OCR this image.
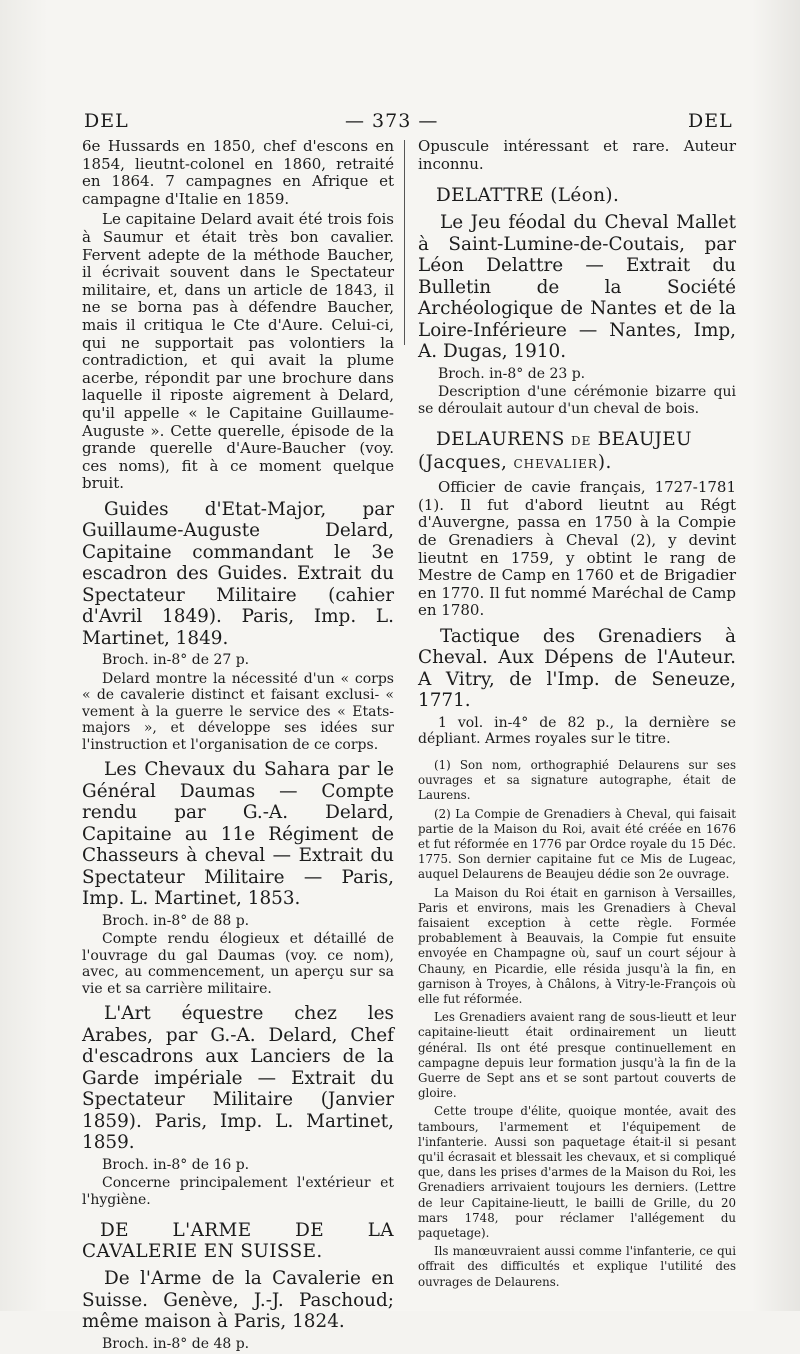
DEL	— 373 —	DEL

6e Hussards en 1850, chef d'escons en 1854, lieutnt-colonel en 1860, retraité en 1864. 7 campagnes en Afrique et campagne d'Italie en 1859.

Le capitaine Delard avait été trois fois à Saumur et était très bon cavalier. Fervent adepte de la méthode Baucher, il écrivait souvent dans le Spectateur militaire, et, dans un article de 1843, il ne se borna pas à défendre Baucher, mais il critiqua le Cte d'Aure. Celui-ci, qui ne supportait pas volontiers la contradiction, et qui avait la plume acerbe, répondit par une brochure dans laquelle il riposte aigrement à Delard, qu'il appelle « le Capitaine Guillaume-Auguste ». Cette querelle, épisode de la grande querelle d'Aure-Baucher (voy. ces noms), fit à ce moment quelque bruit.

Guides d'Etat-Major, par Guillaume-Auguste Delard, Capitaine commandant le 3e escadron des Guides. Extrait du Spectateur Militaire (cahier d'Avril 1849). Paris, Imp. L. Martinet, 1849.

Broch. in-8° de 27 p.

Delard montre la nécessité d'un « corps « de cavalerie distinct et faisant exclusi- « vement à la guerre le service des « Etats-majors », et développe ses idées sur l'instruction et l'organisation de ce corps.

Les Chevaux du Sahara par le Général Daumas — Compte rendu par G.-A. Delard, Capitaine au 11e Régiment de Chasseurs à cheval — Extrait du Spectateur Militaire — Paris, Imp. L. Martinet, 1853.

Broch. in-8° de 88 p.

Compte rendu élogieux et détaillé de l'ouvrage du gal Daumas (voy. ce nom), avec, au commencement, un aperçu sur sa vie et sa carrière militaire.

L'Art équestre chez les Arabes, par G.-A. Delard, Chef d'escadrons aux Lanciers de la Garde impériale — Extrait du Spectateur Militaire (Janvier 1859). Paris, Imp. L. Martinet, 1859.

Broch. in-8° de 16 p.

Concerne principalement l'extérieur et l'hygiène.

DE L'ARME DE LA CAVALERIE EN SUISSE.

De l'Arme de la Cavalerie en Suisse. Genève, J.-J. Paschoud; même maison à Paris, 1824.

Broch. in-8° de 48 p.

Opuscule intéressant et rare. Auteur inconnu.

DELATTRE (Léon).

Le Jeu féodal du Cheval Mallet à Saint-Lumine-de-Coutais, par Léon Delattre — Extrait du Bulletin de la Société Archéologique de Nantes et de la Loire-Inférieure — Nantes, Imp, A. Dugas, 1910.

Broch. in-8° de 23 p.

Description d'une cérémonie bizarre qui se déroulait autour d'un cheval de bois.

DELAURENS DE BEAUJEU
(Jacques, CHEVALIER).

Officier de cavie français, 1727-1781 (1). Il fut d'abord lieutnt au Régt d'Auvergne, passa en 1750 à la Compie de Grenadiers à Cheval (2), y devint lieutnt en 1759, y obtint le rang de Mestre de Camp en 1760 et de Brigadier en 1770. Il fut nommé Maréchal de Camp en 1780.

Tactique des Grenadiers à Cheval. Aux Dépens de l'Auteur. A Vitry, de l'Imp. de Seneuze, 1771.

1 vol. in-4° de 82 p., la dernière se dépliant. Armes royales sur le titre.

(1) Son nom, orthographié Delaurens sur ses ouvrages et sa signature autographe, était de Laurens.

(2) La Compie de Grenadiers à Cheval, qui faisait partie de la Maison du Roi, avait été créée en 1676 et fut réformée en 1776 par Ordce royale du 15 Déc. 1775. Son dernier capitaine fut ce Mis de Lugeac, auquel Delaurens de Beaujeu dédie son 2e ouvrage.

La Maison du Roi était en garnison à Versailles, Paris et environs, mais les Grenadiers à Cheval faisaient exception à cette règle. Formée probablement à Beauvais, la Compie fut ensuite envoyée en Champagne où, sauf un court séjour à Chauny, en Picardie, elle résida jusqu'à la fin, en garnison à Troyes, à Châlons, à Vitry-le-François où elle fut réformée.

Les Grenadiers avaient rang de sous-lieutt et leur capitaine-lieutt était ordinairement un lieutt général. Ils ont été presque continuellement en campagne depuis leur formation jusqu'à la fin de la Guerre de Sept ans et se sont partout couverts de gloire.

Cette troupe d'élite, quoique montée, avait des tambours, l'armement et l'équipement de l'infanterie. Aussi son paquetage était-il si pesant qu'il écrasait et blessait les chevaux, et si compliqué que, dans les prises d'armes de la Maison du Roi, les Grenadiers arrivaient toujours les derniers. (Lettre de leur Capitaine-lieutt, le bailli de Grille, du 20 mars 1748, pour réclamer l'allégement du paquetage).

Ils manœuvraient aussi comme l'infanterie, ce qui offrait des difficultés et explique l'utilité des ouvrages de Delaurens.
